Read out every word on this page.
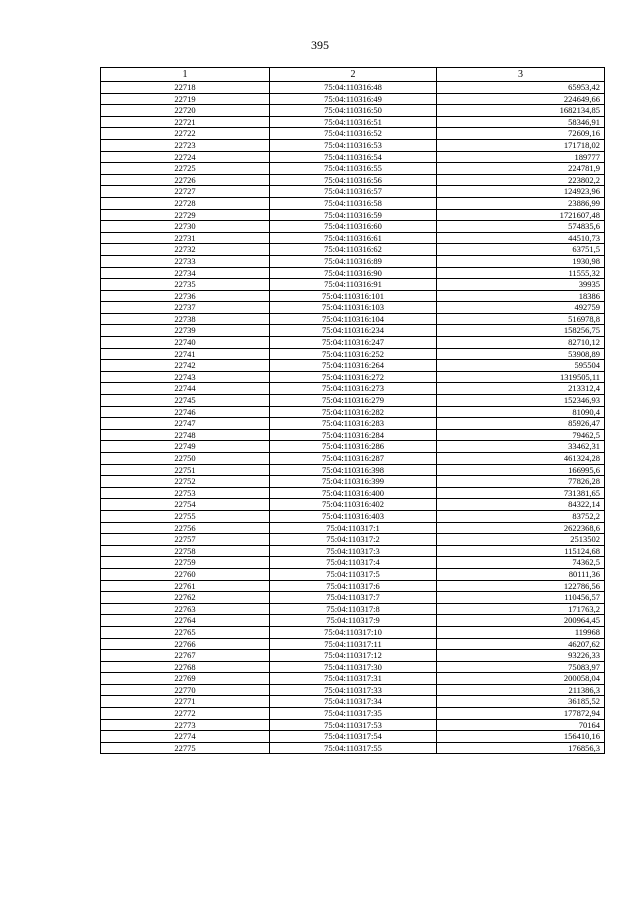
395
1	2	3
22718	75:04:110316:48	65953,42
22719	75:04:110316:49	224649,66
22720	75:04:110316:50	1682134,85
22721	75:04:110316:51	58346,91
22722	75:04:110316:52	72609,16
22723	75:04:110316:53	171718,02
22724	75:04:110316:54	189777
22725	75:04:110316:55	224781,9
22726	75:04:110316:56	223802,2
22727	75:04:110316:57	124923,96
22728	75:04:110316:58	23886,99
22729	75:04:110316:59	1721607,48
22730	75:04:110316:60	574835,6
22731	75:04:110316:61	44510,73
22732	75:04:110316:62	63751,5
22733	75:04:110316:89	1930,98
22734	75:04:110316:90	11555,32
22735	75:04:110316:91	39935
22736	75:04:110316:101	18386
22737	75:04:110316:103	492759
22738	75:04:110316:104	516978,8
22739	75:04:110316:234	158256,75
22740	75:04:110316:247	82710,12
22741	75:04:110316:252	53908,89
22742	75:04:110316:264	595504
22743	75:04:110316:272	1319505,11
22744	75:04:110316:273	213312,4
22745	75:04:110316:279	152346,93
22746	75:04:110316:282	81090,4
22747	75:04:110316:283	85926,47
22748	75:04:110316:284	79462,5
22749	75:04:110316:286	33462,31
22750	75:04:110316:287	461324,28
22751	75:04:110316:398	166995,6
22752	75:04:110316:399	77826,28
22753	75:04:110316:400	731381,65
22754	75:04:110316:402	84322,14
22755	75:04:110316:403	83752,2
22756	75:04:110317:1	2622368,6
22757	75:04:110317:2	2513502
22758	75:04:110317:3	115124,68
22759	75:04:110317:4	74362,5
22760	75:04:110317:5	80111,36
22761	75:04:110317:6	122786,56
22762	75:04:110317:7	110456,57
22763	75:04:110317:8	171763,2
22764	75:04:110317:9	200964,45
22765	75:04:110317:10	119968
22766	75:04:110317:11	46207,62
22767	75:04:110317:12	93226,33
22768	75:04:110317:30	75083,97
22769	75:04:110317:31	200058,04
22770	75:04:110317:33	211386,3
22771	75:04:110317:34	36185,52
22772	75:04:110317:35	177872,94
22773	75:04:110317:53	70164
22774	75:04:110317:54	156410,16
22775	75:04:110317:55	176856,3
